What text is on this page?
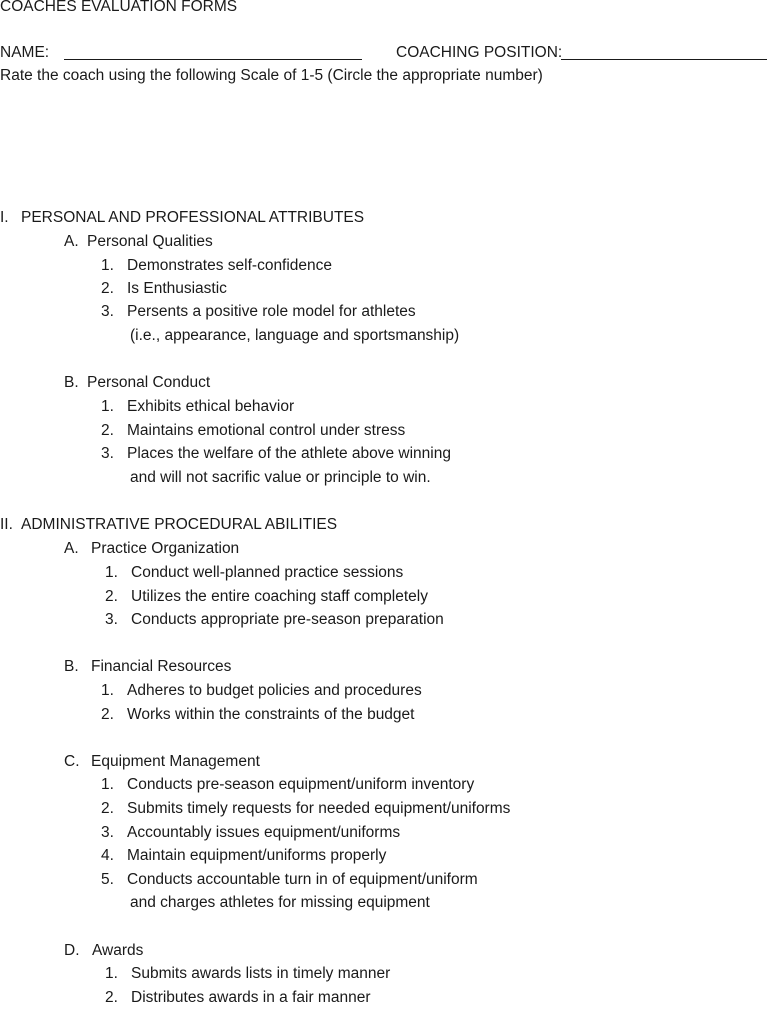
COACHES EVALUATION FORMS
NAME:	COACHING POSITION:
Rate the coach using the following Scale of 1-5 (Circle the appropriate number)
I. PERSONAL AND PROFESSIONAL ATTRIBUTES
A. Personal Qualities
1. Demonstrates self-confidence
2. Is Enthusiastic
3. Persents a positive role model for athletes
(i.e., appearance, language and sportsmanship)
B. Personal Conduct
1. Exhibits ethical behavior
2. Maintains emotional control under stress
3. Places the welfare of the athlete above winning
and will not sacrific value or principle to win.
II. ADMINISTRATIVE PROCEDURAL ABILITIES
A. Practice Organization
1. Conduct well-planned practice sessions
2. Utilizes the entire coaching staff completely
3. Conducts appropriate pre-season preparation
B. Financial Resources
1. Adheres to budget policies and procedures
2. Works within the constraints of the budget
C. Equipment Management
1. Conducts pre-season equipment/uniform inventory
2. Submits timely requests for needed equipment/uniforms
3. Accountably issues equipment/uniforms
4. Maintain equipment/uniforms properly
5. Conducts accountable turn in of equipment/uniform
and charges athletes for missing equipment
D. Awards
1. Submits awards lists in timely manner
2. Distributes awards in a fair manner
